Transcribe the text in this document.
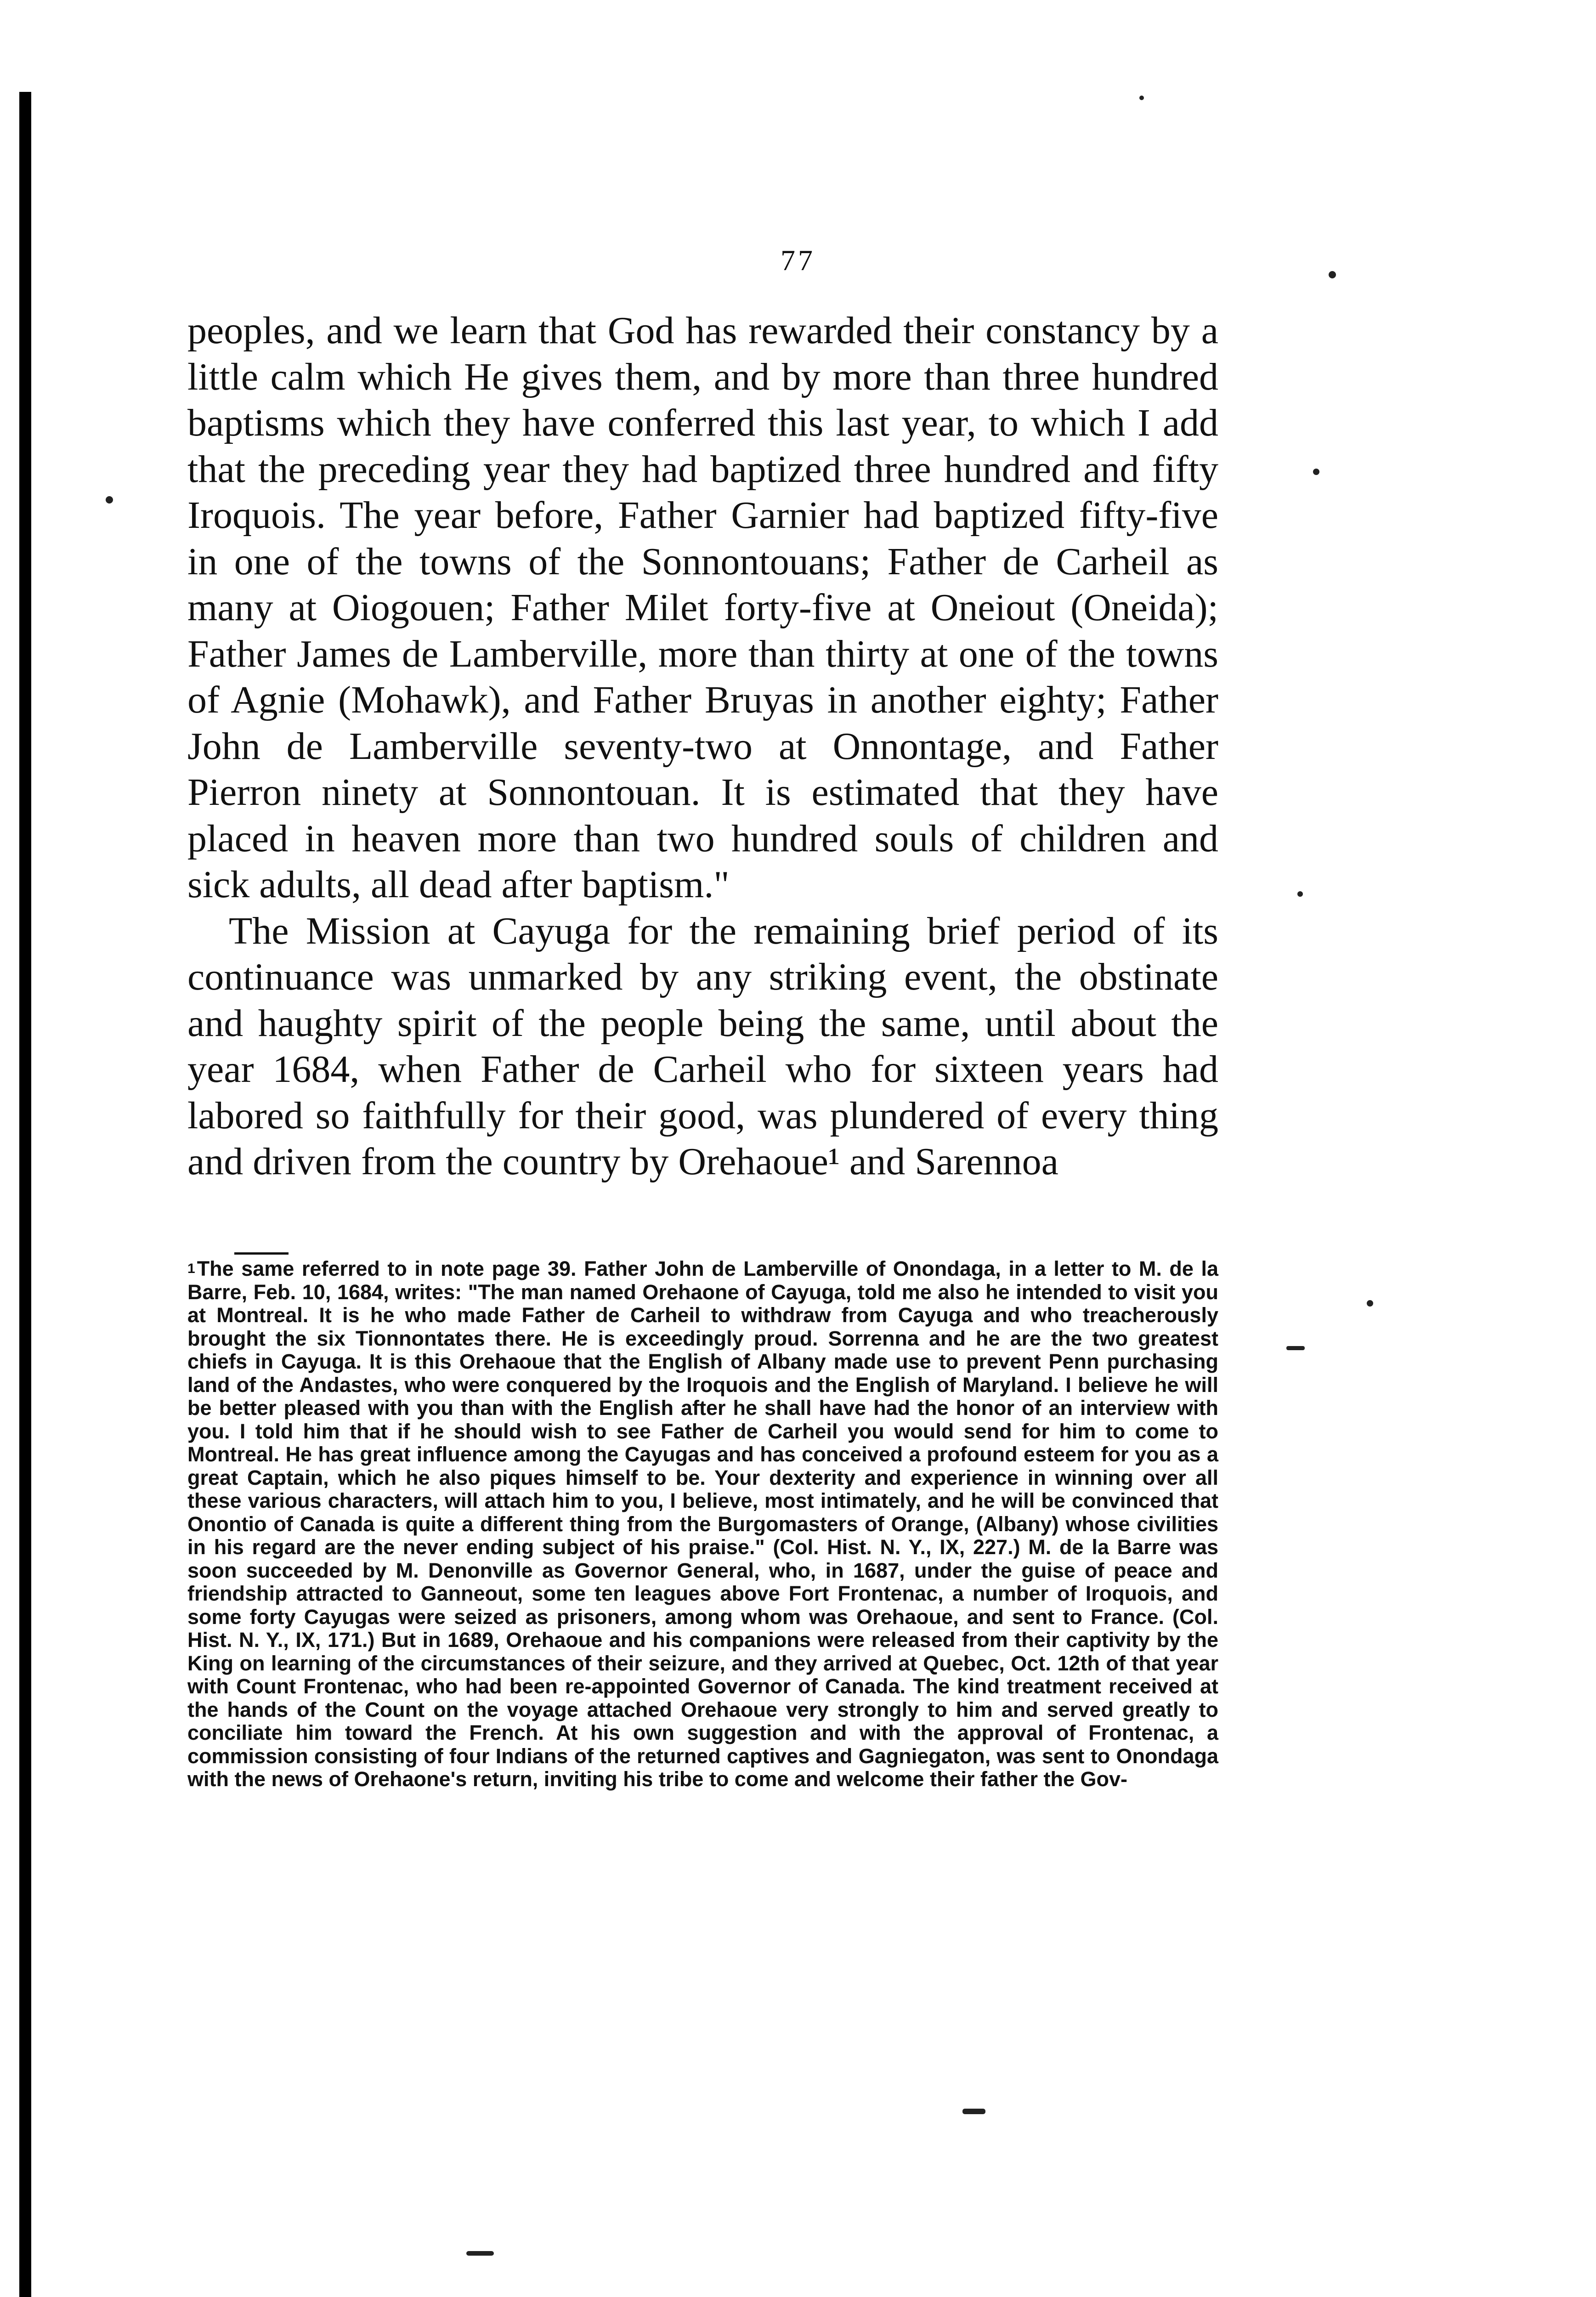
77

peoples, and we learn that God has rewarded their constancy by a little calm which He gives them, and by more than three hundred baptisms which they have conferred this last year, to which I add that the preceding year they had baptized three hundred and fifty Iroquois. The year before, Father Garnier had baptized fifty-five in one of the towns of the Sonnontouans; Father de Carheil as many at Oiogouen; Father Milet forty-five at Oneiout (Oneida); Father James de Lamberville, more than thirty at one of the towns of Agnie (Mohawk), and Father Bruyas in another eighty; Father John de Lamberville seventy-two at Onnontage, and Father Pierron ninety at Sonnontouan. It is estimated that they have placed in heaven more than two hundred souls of children and sick adults, all dead after baptism."

The Mission at Cayuga for the remaining brief period of its continuance was unmarked by any striking event, the obstinate and haughty spirit of the people being the same, until about the year 1684, when Father de Carheil who for sixteen years had labored so faithfully for their good, was plundered of every thing and driven from the country by Orehaoue¹ and Sarennoa

$^1$The same referred to in note page 39. Father John de Lamberville of Onondaga, in a letter to M. de la Barre, Feb. 10, 1684, writes: "The man named Orehaone of Cayuga, told me also he intended to visit you at Montreal. It is he who made Father de Carheil to withdraw from Cayuga and who treacherously brought the six Tionnontates there. He is exceedingly proud. Sorrenna and he are the two greatest chiefs in Cayuga. It is this Orehaoue that the English of Albany made use to prevent Penn purchasing land of the Andastes, who were conquered by the Iroquois and the English of Maryland. I believe he will be better pleased with you than with the English after he shall have had the honor of an interview with you. I told him that if he should wish to see Father de Carheil you would send for him to come to Montreal. He has great influence among the Cayugas and has conceived a profound esteem for you as a great Captain, which he also piques himself to be. Your dexterity and experience in winning over all these various characters, will attach him to you, I believe, most intimately, and he will be convinced that Onontio of Canada is quite a different thing from the Burgomasters of Orange, (Albany) whose civilities in his regard are the never ending subject of his praise." (Col. Hist. N. Y., IX, 227.) M. de la Barre was soon succeeded by M. Denonville as Governor General, who, in 1687, under the guise of peace and friendship attracted to Ganneout, some ten leagues above Fort Frontenac, a number of Iroquois, and some forty Cayugas were seized as prisoners, among whom was Orehaoue, and sent to France. (Col. Hist. N. Y., IX, 171.) But in 1689, Orehaoue and his companions were released from their captivity by the King on learning of the circumstances of their seizure, and they arrived at Quebec, Oct. 12th of that year with Count Frontenac, who had been re-appointed Governor of Canada. The kind treatment received at the hands of the Count on the voyage attached Orehaoue very strongly to him and served greatly to conciliate him toward the French. At his own suggestion and with the approval of Frontenac, a commission consisting of four Indians of the returned captives and Gagniegaton, was sent to Onondaga with the news of Orehaone's return, inviting his tribe to come and welcome their father the Gov-
